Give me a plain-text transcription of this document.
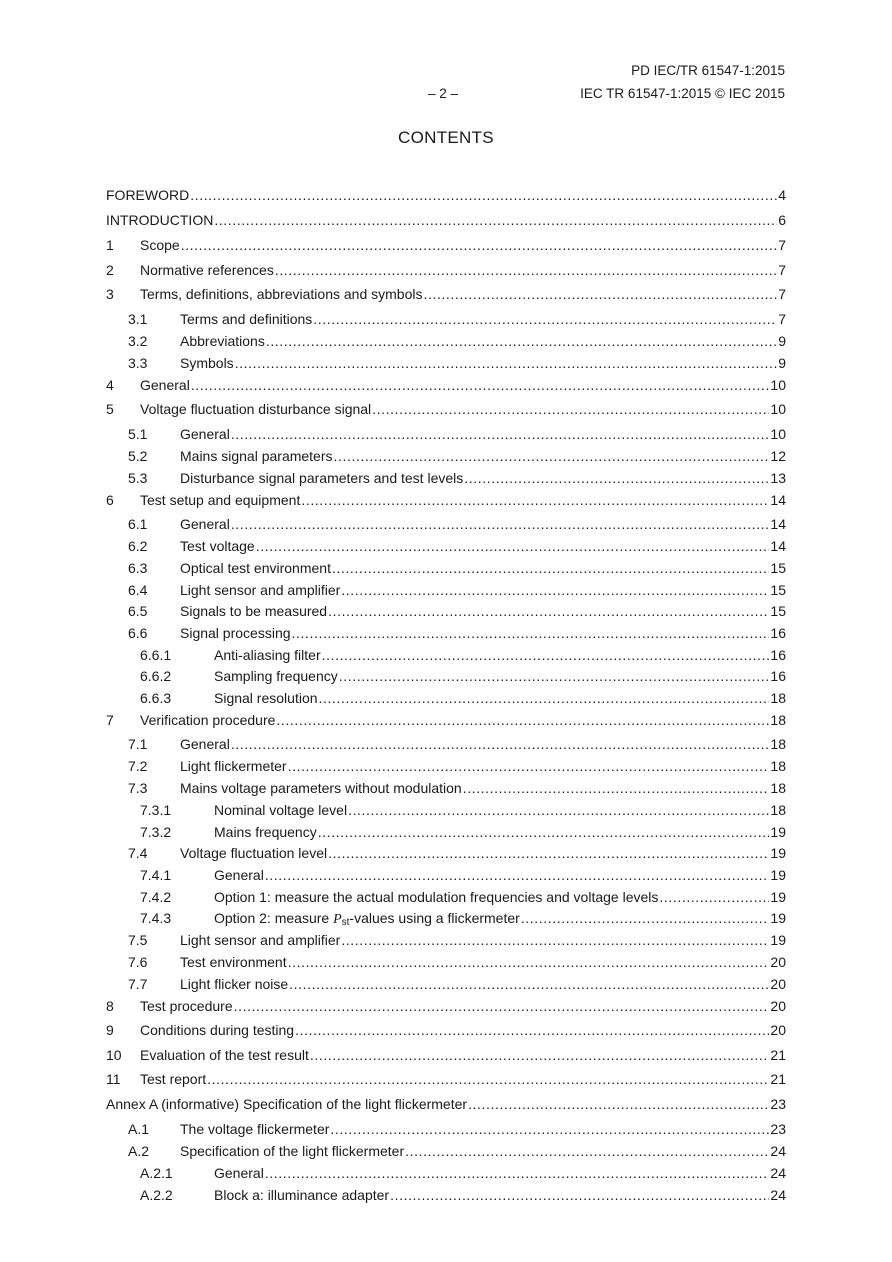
PD IEC/TR 61547-1:2015
– 2 –	IEC TR 61547-1:2015 © IEC 2015
CONTENTS
FOREWORD .....	4
INTRODUCTION .....	6
1 Scope .....	7
2 Normative references .....	7
3 Terms, definitions, abbreviations and symbols .....	7
3.1 Terms and definitions .....	7
3.2 Abbreviations .....	9
3.3 Symbols .....	9
4 General .....	10
5 Voltage fluctuation disturbance signal .....	10
5.1 General .....	10
5.2 Mains signal parameters .....	12
5.3 Disturbance signal parameters and test levels .....	13
6 Test setup and equipment .....	14
6.1 General .....	14
6.2 Test voltage .....	14
6.3 Optical test environment .....	15
6.4 Light sensor and amplifier .....	15
6.5 Signals to be measured .....	15
6.6 Signal processing .....	16
6.6.1	Anti-aliasing filter .....	16
6.6.2	Sampling frequency .....	16
6.6.3	Signal resolution .....	18
7 Verification procedure .....	18
7.1 General .....	18
7.2 Light flickermeter .....	18
7.3 Mains voltage parameters without modulation .....	18
7.3.1	Nominal voltage level .....	18
7.3.2	Mains frequency .....	19
7.4 Voltage fluctuation level .....	19
7.4.1	General .....	19
7.4.2	Option 1: measure the actual modulation frequencies and voltage levels .....	19
7.4.3	Option 2: measure $P_{st}$-values using a flickermeter .....	19
7.5 Light sensor and amplifier .....	19
7.6 Test environment .....	20
7.7 Light flicker noise .....	20
8 Test procedure .....	20
9 Conditions during testing .....	20
10 Evaluation of the test result .....	21
11 Test report .....	21
Annex A (informative) Specification of the light flickermeter .....	23
A.1 The voltage flickermeter .....	23
A.2 Specification of the light flickermeter .....	24
A.2.1	General .....	24
A.2.2	Block a: illuminance adapter .....	24
